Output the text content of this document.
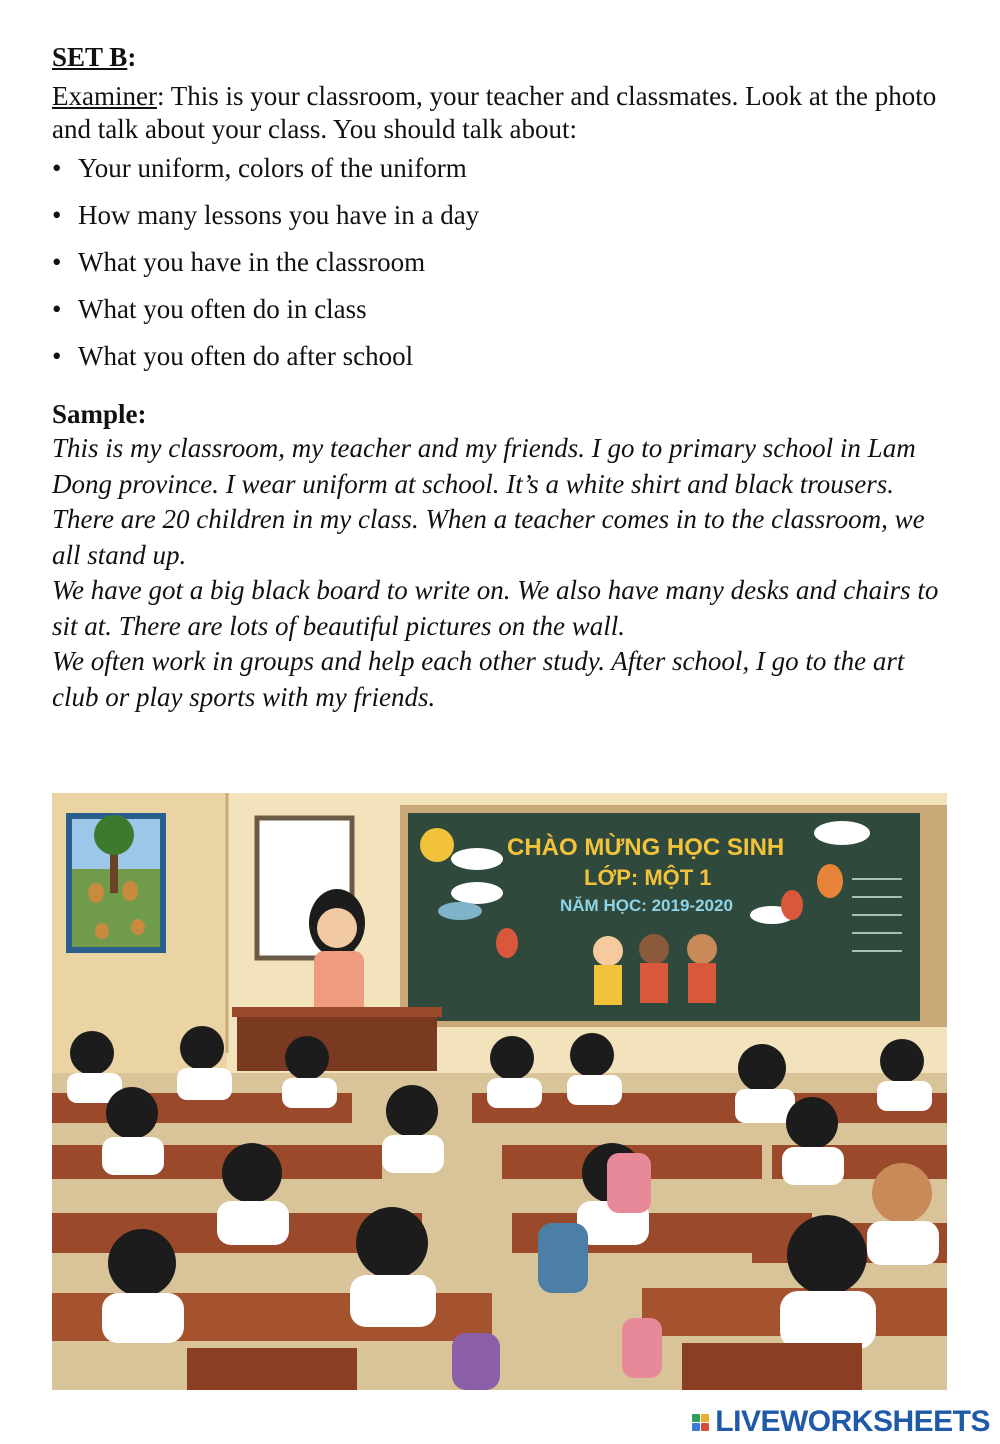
SET B:

Examiner: This is your classroom, your teacher and classmates. Look at the photo and talk about your class. You should talk about:

• Your uniform, colors of the uniform
• How many lessons you have in a day
• What you have in the classroom
• What you often do in class
• What you often do after school

Sample:

This is my classroom, my teacher and my friends. I go to primary school in Lam Dong province. I wear uniform at school. It’s a white shirt and black trousers. There are 20 children in my class. When a teacher comes in to the classroom, we all stand up.

We have got a big black board to write on. We also have many desks and chairs to sit at. There are lots of beautiful pictures on the wall.

We often work in groups and help each other study. After school, I go to the art club or play sports with my friends.

CHÀO MỪNG HỌC SINH
LỚP: MỘT 1
NĂM HỌC: 2019-2020
LIVEWORKSHEETS
